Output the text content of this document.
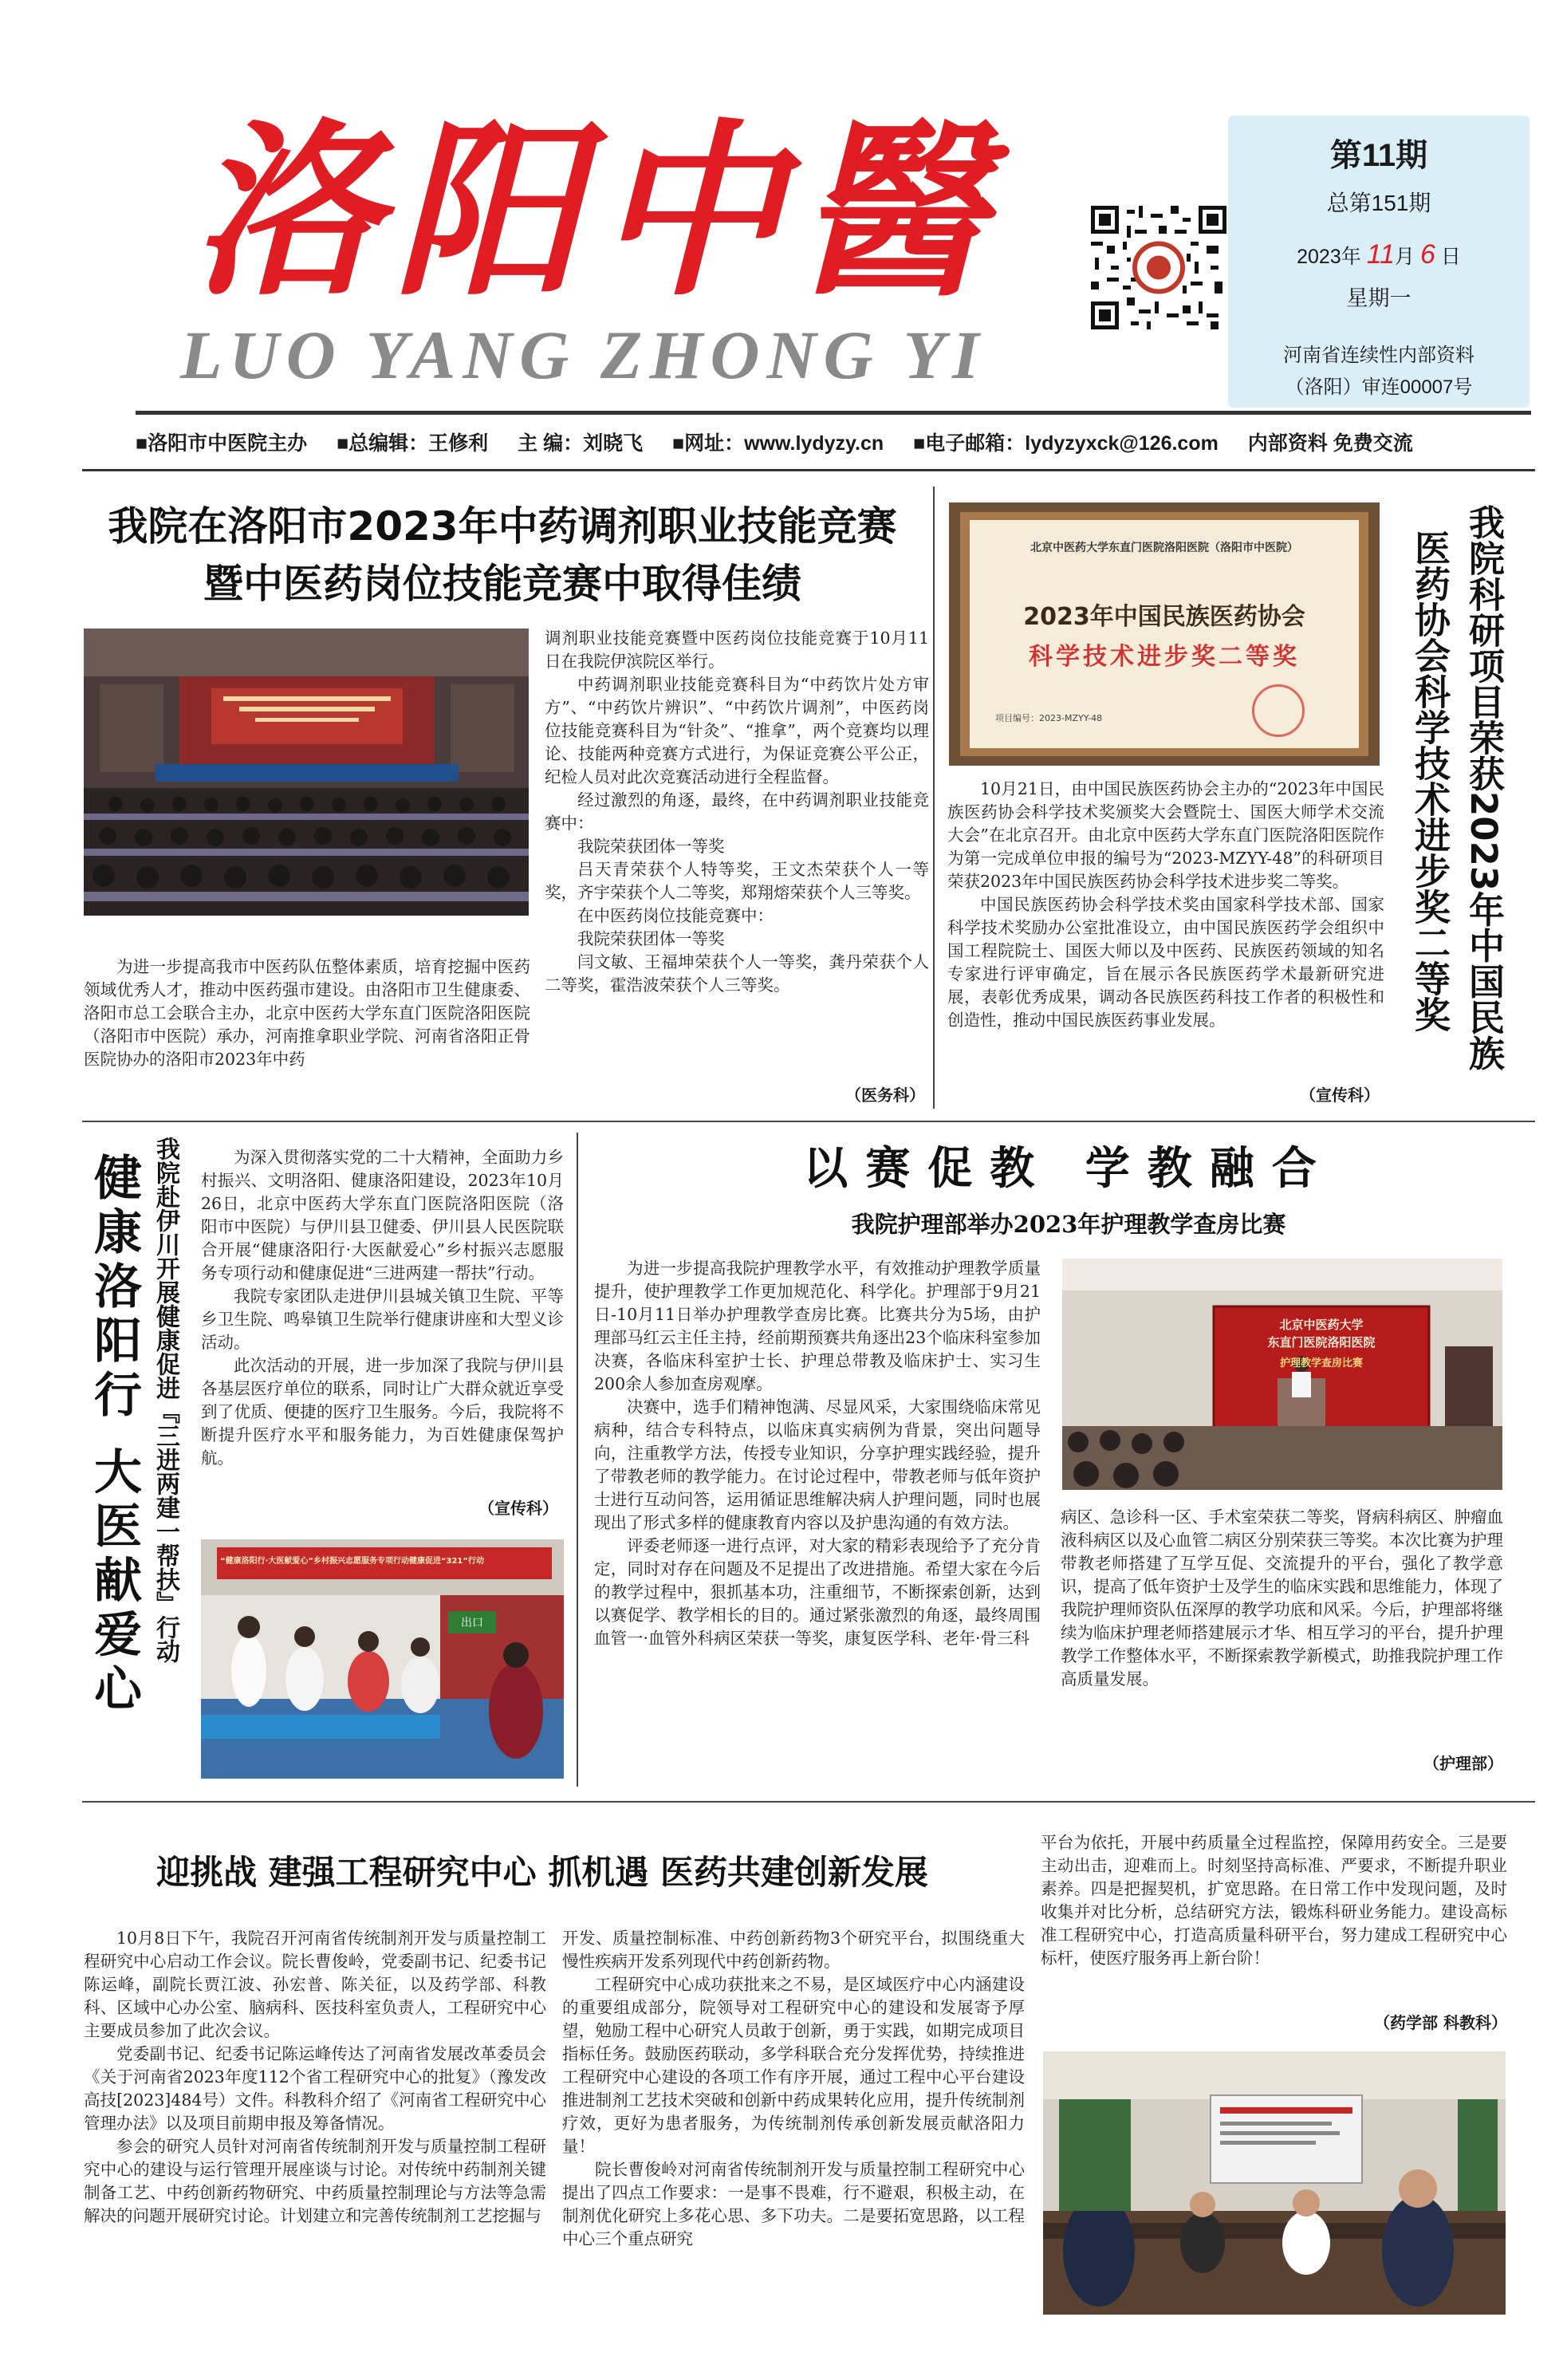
洛阳中醫
LUO YANG ZHONG YI
第11期
总第151期
2023年 11月 6 日
星期一
河南省连续性内部资料
（洛阳）审连00007号
■洛阳市中医院主办 ■总编辑：王修利 主 编：刘晓飞 ■网址：www.lydyzy.cn ■电子邮箱：lydyzyxck@126.com 内部资料 免费交流
我院在洛阳市2023年中药调剂职业技能竞赛
暨中医药岗位技能竞赛中取得佳绩

为进一步提高我市中医药队伍整体素质，培育挖掘中医药领域优秀人才，推动中医药强市建设。由洛阳市卫生健康委、洛阳市总工会联合主办，北京中医药大学东直门医院洛阳医院（洛阳市中医院）承办，河南推拿职业学院、河南省洛阳正骨医院协办的洛阳市2023年中药

调剂职业技能竞赛暨中医药岗位技能竞赛于10月11日在我院伊滨院区举行。

中药调剂职业技能竞赛科目为“中药饮片处方审方”、“中药饮片辨识”、“中药饮片调剂”，中医药岗位技能竞赛科目为“针灸”、“推拿”，两个竞赛均以理论、技能两种竞赛方式进行，为保证竞赛公平公正，纪检人员对此次竞赛活动进行全程监督。

经过激烈的角逐，最终，在中药调剂职业技能竞赛中：

我院荣获团体一等奖

吕天青荣获个人特等奖，王文杰荣获个人一等奖，齐宇荣获个人二等奖，郑翔熔荣获个人三等奖。

在中医药岗位技能竞赛中：

我院荣获团体一等奖

闫文敏、王福坤荣获个人一等奖，龚丹荣获个人二等奖，霍浩波荣获个人三等奖。

（医务科）
北京中医药大学东直门医院洛阳医院（洛阳市中医院）
2023年中国民族医药协会
科学技术进步奖二等奖
项目编号：2023-MZYY-48

10月21日，由中国民族医药协会主办的“2023年中国民族医药协会科学技术奖颁奖大会暨院士、国医大师学术交流大会”在北京召开。由北京中医药大学东直门医院洛阳医院作为第一完成单位申报的编号为“2023-MZYY-48”的科研项目荣获2023年中国民族医药协会科学技术进步奖二等奖。

中国民族医药协会科学技术奖由国家科学技术部、国家科学技术奖励办公室批准设立，由中国民族医药学会组织中国工程院院士、国医大师以及中医药、民族医药领域的知名专家进行评审确定，旨在展示各民族医药学术最新研究进展，表彰优秀成果，调动各民族医药科技工作者的积极性和创造性，推动中国民族医药事业发展。

（宣传科）
我院科研项目荣获2023年中国民族
医药协会科学技术进步奖二等奖
健康洛阳行 大医献爱心 我院赴伊川开展健康促进『三进两建一帮扶』行动	为深入贯彻落实党的二十大精神，全面助力乡村振兴、文明洛阳、健康洛阳建设，2023年10月26日，北京中医药大学东直门医院洛阳医院（洛阳市中医院）与伊川县卫健委、伊川县人民医院联合开展“健康洛阳行·大医献爱心”乡村振兴志愿服务专项行动和健康促进“三进两建一帮扶”行动。

我院专家团队走进伊川县城关镇卫生院、平等乡卫生院、鸣皋镇卫生院举行健康讲座和大型义诊活动。

此次活动的开展，进一步加深了我院与伊川县各基层医疗单位的联系，同时让广大群众就近享受到了优质、便捷的医疗卫生服务。今后，我院将不断提升医疗水平和服务能力，为百姓健康保驾护航。

（宣传科）
“健康洛阳行·大医献爱心”乡村振兴志愿服务专项行动健康促进“321”行动
出口
以赛促教 学教融合
我院护理部举办2023年护理教学查房比赛

为进一步提高我院护理教学水平，有效推动护理教学质量提升，使护理教学工作更加规范化、科学化。护理部于9月21日-10月11日举办护理教学查房比赛。比赛共分为5场，由护理部马红云主任主持，经前期预赛共角逐出23个临床科室参加决赛，各临床科室护士长、护理总带教及临床护士、实习生200余人参加查房观摩。

决赛中，选手们精神饱满、尽显风采，大家围绕临床常见病种，结合专科特点，以临床真实病例为背景，突出问题导向，注重教学方法，传授专业知识，分享护理实践经验，提升了带教老师的教学能力。在讨论过程中，带教老师与低年资护士进行互动问答，运用循证思维解决病人护理问题，同时也展现出了形式多样的健康教育内容以及护患沟通的有效方法。

评委老师逐一进行点评，对大家的精彩表现给予了充分肯定，同时对存在问题及不足提出了改进措施。希望大家在今后的教学过程中，狠抓基本功，注重细节，不断探索创新，达到以赛促学、教学相长的目的。通过紧张激烈的角逐，最终周围血管一·血管外科病区荣获一等奖，康复医学科、老年·骨三科

北京中医药大学
东直门医院洛阳医院
护理教学查房比赛

病区、急诊科一区、手术室荣获二等奖，肾病科病区、肿瘤血液科病区以及心血管二病区分别荣获三等奖。本次比赛为护理带教老师搭建了互学互促、交流提升的平台，强化了教学意识，提高了低年资护士及学生的临床实践和思维能力，体现了我院护理师资队伍深厚的教学功底和风采。今后，护理部将继续为临床护理老师搭建展示才华、相互学习的平台，提升护理教学工作整体水平，不断探索教学新模式，助推我院护理工作高质量发展。

（护理部）
迎挑战 建强工程研究中心 抓机遇 医药共建创新发展

10月8日下午，我院召开河南省传统制剂开发与质量控制工程研究中心启动工作会议。院长曹俊岭，党委副书记、纪委书记陈运峰，副院长贾江波、孙宏普、陈关征，以及药学部、科教科、区域中心办公室、脑病科、医技科室负责人，工程研究中心主要成员参加了此次会议。

党委副书记、纪委书记陈运峰传达了河南省发展改革委员会《关于河南省2023年度112个省工程研究中心的批复》（豫发改高技[2023]484号）文件。科教科介绍了《河南省工程研究中心管理办法》以及项目前期申报及筹备情况。

参会的研究人员针对河南省传统制剂开发与质量控制工程研究中心的建设与运行管理开展座谈与讨论。对传统中药制剂关键制备工艺、中药创新药物研究、中药质量控制理论与方法等急需解决的问题开展研究讨论。计划建立和完善传统制剂工艺挖掘与

开发、质量控制标准、中药创新药物3个研究平台，拟围绕重大慢性疾病开发系列现代中药创新药物。

工程研究中心成功获批来之不易，是区域医疗中心内涵建设的重要组成部分，院领导对工程研究中心的建设和发展寄予厚望，勉励工程中心研究人员敢于创新，勇于实践，如期完成项目指标任务。鼓励医药联动，多学科联合充分发挥优势，持续推进工程研究中心建设的各项工作有序开展，通过工程中心平台建设推进制剂工艺技术突破和创新中药成果转化应用，提升传统制剂疗效，更好为患者服务，为传统制剂传承创新发展贡献洛阳力量！

院长曹俊岭对河南省传统制剂开发与质量控制工程研究中心提出了四点工作要求：一是事不畏难，行不避艰，积极主动，在制剂优化研究上多花心思、多下功夫。二是要拓宽思路，以工程中心三个重点研究

平台为依托，开展中药质量全过程监控，保障用药安全。三是要主动出击，迎难而上。时刻坚持高标准、严要求，不断提升职业素养。四是把握契机，扩宽思路。在日常工作中发现问题，及时收集并对比分析，总结研究方法，锻炼科研业务能力。建设高标准工程研究中心，打造高质量科研平台，努力建成工程研究中心标杆，使医疗服务再上新台阶！

（药学部 科教科）
